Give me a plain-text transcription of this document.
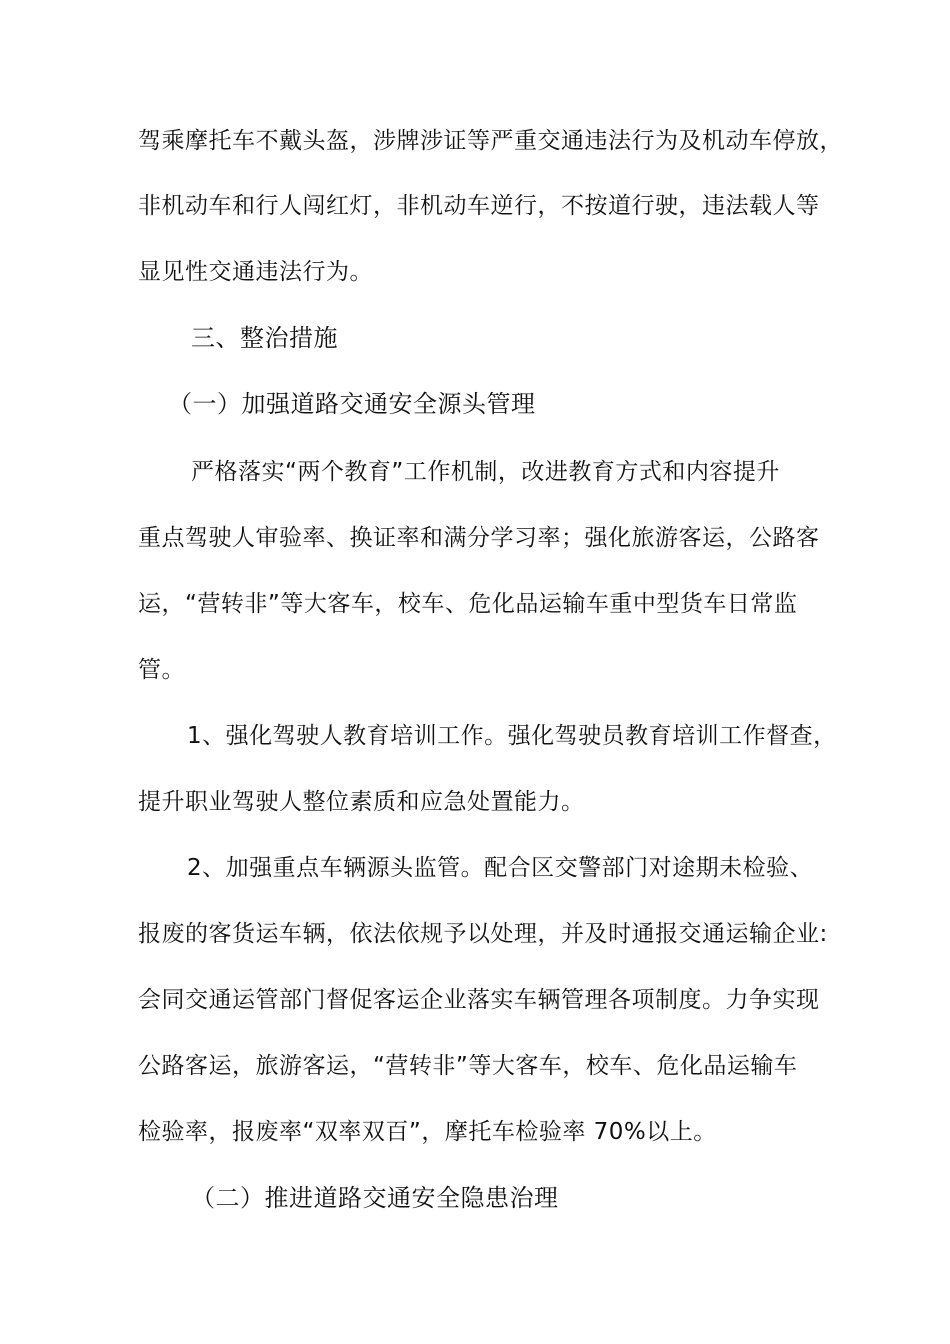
驾乘摩托车不戴头盔，涉牌涉证等严重交通违法行为及机动车停放，
非机动车和行人闯红灯，非机动车逆行，不按道行驶，违法载人等
显见性交通违法行为。
三、整治措施
（一）加强道路交通安全源头管理
严格落实“两个教育”工作机制，改进教育方式和内容提升
重点驾驶人审验率、换证率和满分学习率；强化旅游客运，公路客
运，“营转非”等大客车，校车、危化品运输车重中型货车日常监
管。
1、强化驾驶人教育培训工作。强化驾驶员教育培训工作督查，
提升职业驾驶人整位素质和应急处置能力。
2、加强重点车辆源头监管。配合区交警部门对途期未检验、
报废的客货运车辆，依法依规予以处理，并及时通报交通运输企业:
会同交通运管部门督促客运企业落实车辆管理各项制度。力争实现
公路客运，旅游客运，“营转非”等大客车，校车、危化品运输车
检验率，报废率“双率双百”，摩托车检验率 70%以上。
（二）推进道路交通安全隐患治理
